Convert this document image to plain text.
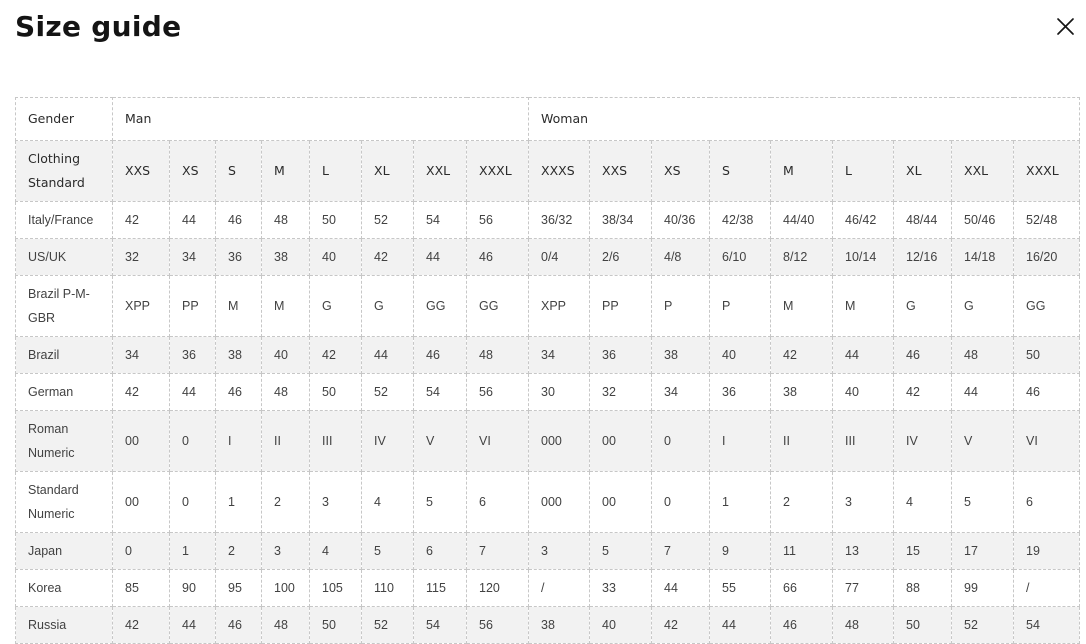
Size guide
Gender	Man								Woman								
Clothing Standard	XXS	XS	S	M	L	XL	XXL	XXXL	XXXS	XXS	XS	S	M	L	XL	XXL	XXXL
Italy/France	42	44	46	48	50	52	54	56	36/32	38/34	40/36	42/38	44/40	46/42	48/44	50/46	52/48
US/UK	32	34	36	38	40	42	44	46	0/4	2/6	4/8	6/10	8/12	10/14	12/16	14/18	16/20
Brazil P-M-GBR	XPP	PP	M	M	G	G	GG	GG	XPP	PP	P	P	M	M	G	G	GG
Brazil	34	36	38	40	42	44	46	48	34	36	38	40	42	44	46	48	50
German	42	44	46	48	50	52	54	56	30	32	34	36	38	40	42	44	46
Roman Numeric	00	0	I	II	III	IV	V	VI	000	00	0	I	II	III	IV	V	VI
Standard Numeric	00	0	1	2	3	4	5	6	000	00	0	1	2	3	4	5	6
Japan	0	1	2	3	4	5	6	7	3	5	7	9	11	13	15	17	19
Korea	85	90	95	100	105	110	115	120	/	33	44	55	66	77	88	99	/
Russia	42	44	46	48	50	52	54	56	38	40	42	44	46	48	50	52	54
